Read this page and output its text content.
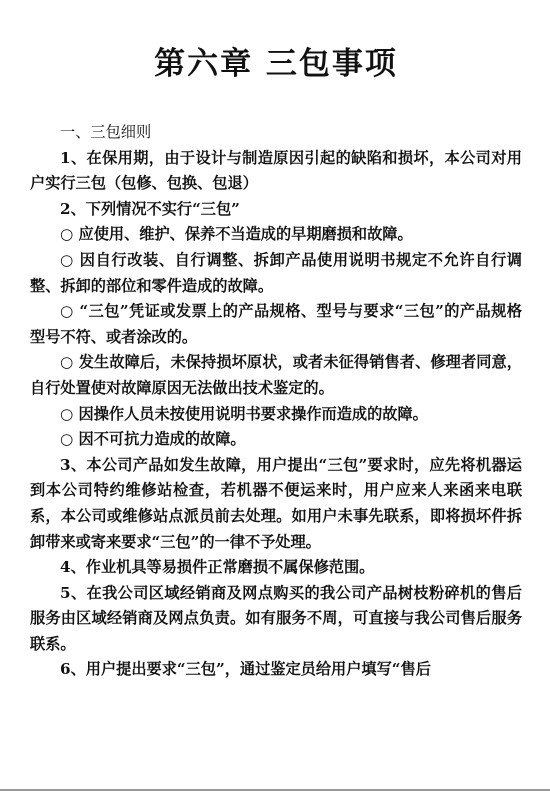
第六章 三包事项

一、三包细则

1、在保用期，由于设计与制造原因引起的缺陷和损坏，本公司对用户实行三包（包修、包换、包退）

2、下列情况不实行“三包”

○ 应使用、维护、保养不当造成的早期磨损和故障。

○ 因自行改装、自行调整、拆卸产品使用说明书规定不允许自行调整、拆卸的部位和零件造成的故障。

○ “三包”凭证或发票上的产品规格、型号与要求“三包”的产品规格型号不符、或者涂改的。

○ 发生故障后，未保持损坏原状，或者未征得销售者、修理者同意，自行处置使对故障原因无法做出技术鉴定的。

○ 因操作人员未按使用说明书要求操作而造成的故障。

○ 因不可抗力造成的故障。

3、本公司产品如发生故障，用户提出“三包”要求时，应先将机器运到本公司特约维修站检查，若机器不便运来时，用户应来人来函来电联系，本公司或维修站点派员前去处理。如用户未事先联系，即将损坏件拆卸带来或寄来要求“三包”的一律不予处理。

4、作业机具等易损件正常磨损不属保修范围。

5、在我公司区域经销商及网点购买的我公司产品树枝粉碎机的售后服务由区域经销商及网点负责。如有服务不周，可直接与我公司售后服务联系。

6、用户提出要求“三包”，通过鉴定员给用户填写“售后
